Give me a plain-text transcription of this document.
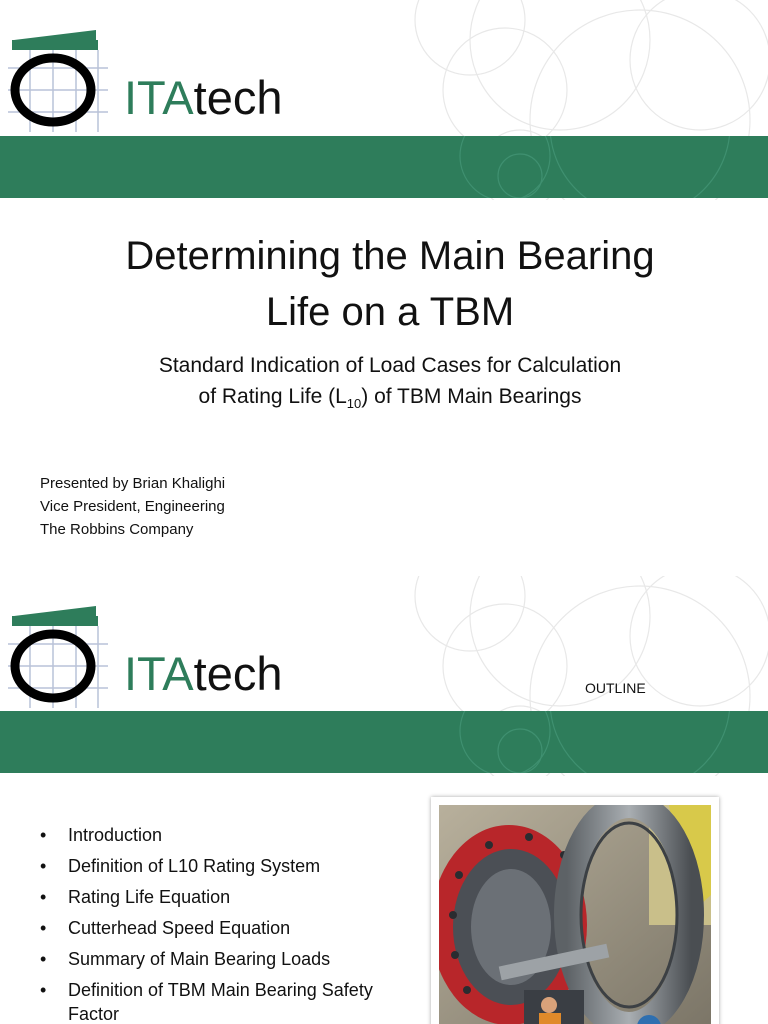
ITAtech
Determining the Main Bearing
Life on a TBM
Standard Indication of Load Cases for Calculation
of Rating Life $(L_{10})$ of TBM Main Bearings
Presented by Brian Khalighi
Vice President, Engineering
The Robbins Company
ITAtech	OUTLINE
• Introduction
• Definition of L10 Rating System
• Rating Life Equation
• Cutterhead Speed Equation
• Summary of Main Bearing Loads
• Definition of TBM Main Bearing Safety Factor
